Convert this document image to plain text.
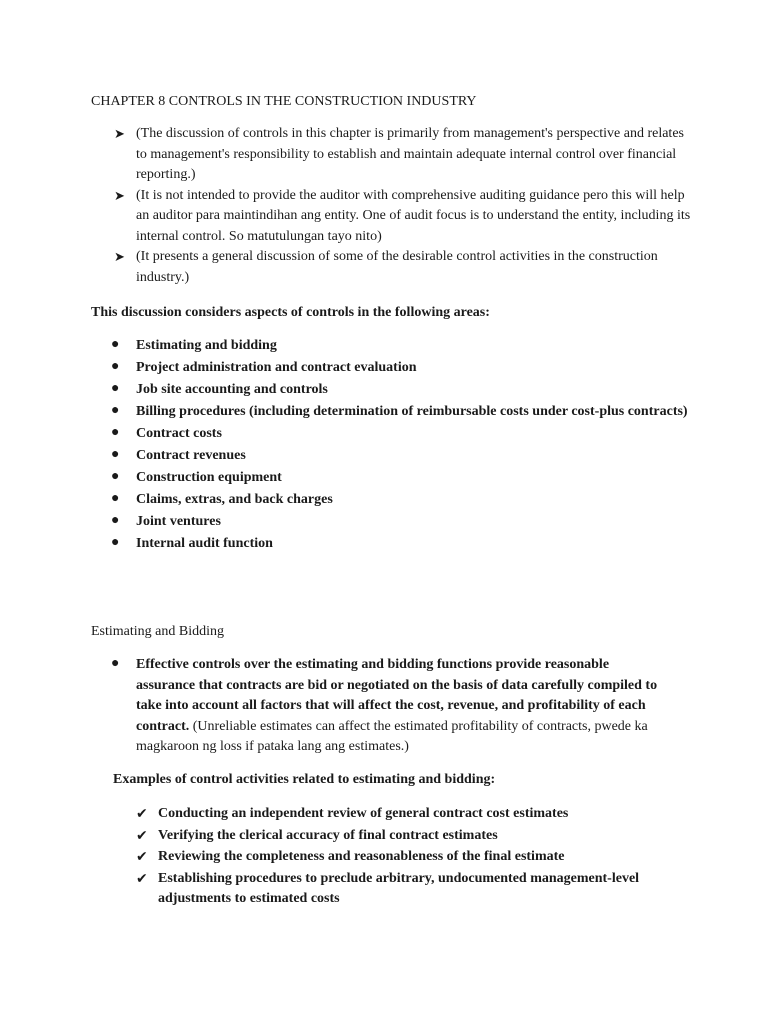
CHAPTER 8 CONTROLS IN THE CONSTRUCTION INDUSTRY
➤ (The discussion of controls in this chapter is primarily from management's perspective and relates to management's responsibility to establish and maintain adequate internal control over financial reporting.)
➤ (It is not intended to provide the auditor with comprehensive auditing guidance pero this will help an auditor para maintindihan ang entity. One of audit focus is to understand the entity, including its internal control. So matutulungan tayo nito)
➤ (It presents a general discussion of some of the desirable control activities in the construction industry.)
This discussion considers aspects of controls in the following areas:
● Estimating and bidding
● Project administration and contract evaluation
● Job site accounting and controls
● Billing procedures (including determination of reimbursable costs under cost-plus contracts)
● Contract costs
● Contract revenues
● Construction equipment
● Claims, extras, and back charges
● Joint ventures
● Internal audit function
Estimating and Bidding
● Effective controls over the estimating and bidding functions provide reasonable assurance that contracts are bid or negotiated on the basis of data carefully compiled to take into account all factors that will affect the cost, revenue, and profitability of each contract. (Unreliable estimates can affect the estimated profitability of contracts, pwede ka magkaroon ng loss if pataka lang ang estimates.)
Examples of control activities related to estimating and bidding:
✔ Conducting an independent review of general contract cost estimates
✔ Verifying the clerical accuracy of final contract estimates
✔ Reviewing the completeness and reasonableness of the final estimate
✔ Establishing procedures to preclude arbitrary, undocumented management-level adjustments to estimated costs
